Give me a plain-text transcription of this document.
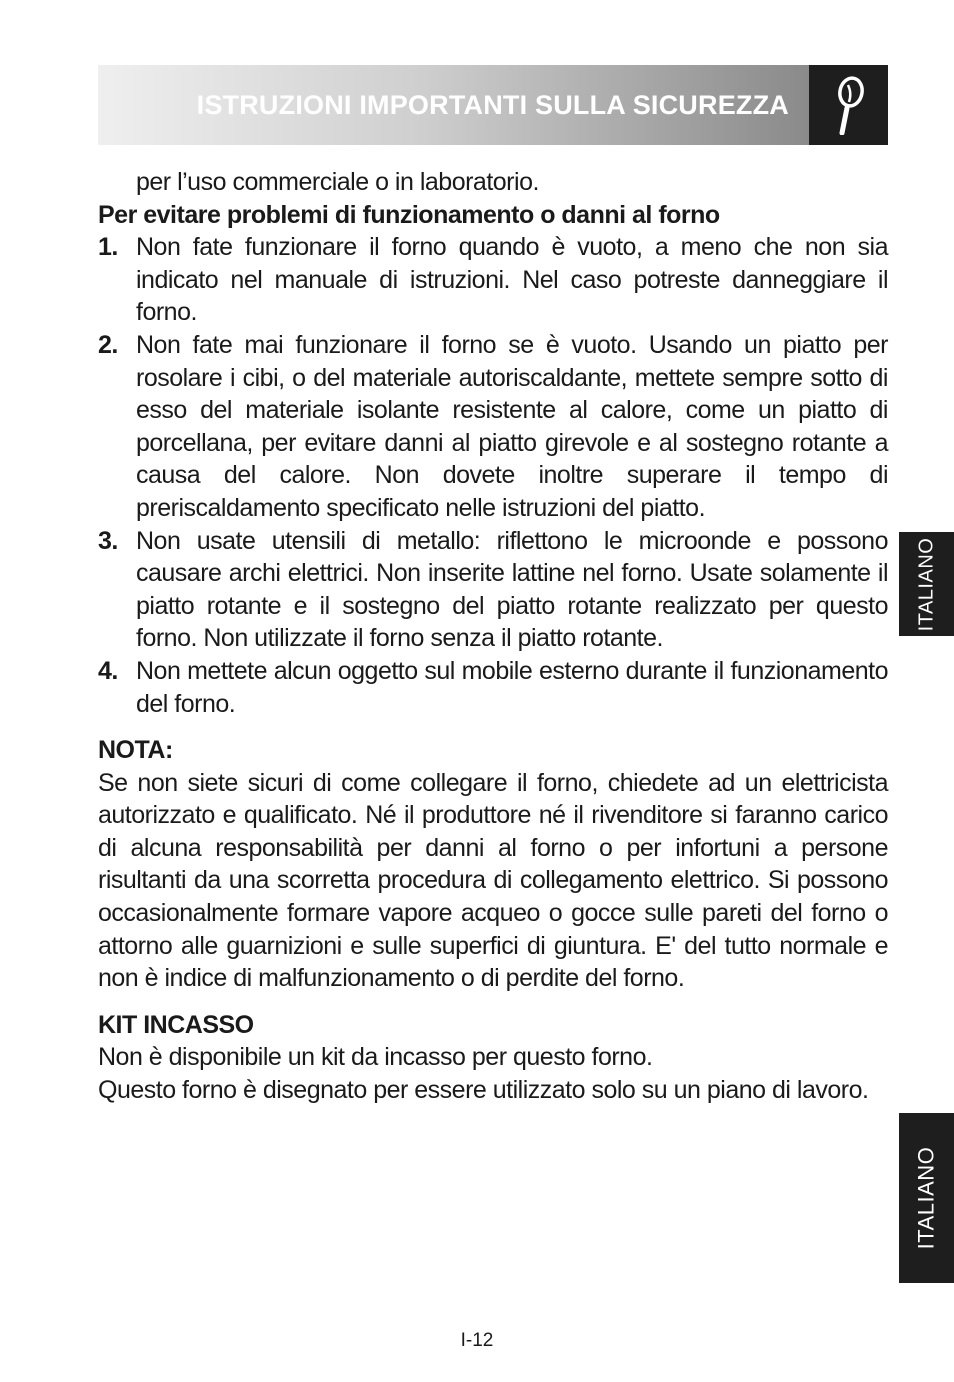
ISTRUZIONI IMPORTANTI SULLA SICUREZZA

per l’uso commerciale o in laboratorio.

Per evitare problemi di funzionamento o danni al forno

1. Non fate funzionare il forno quando è vuoto, a meno che non sia indicato nel manuale di istruzioni. Nel caso potreste danneggiare il forno.
2. Non fate mai funzionare il forno se è vuoto. Usando un piatto per rosolare i cibi, o del materiale autoriscaldante, mettete sempre sotto di esso del materiale isolante resistente al calore, come un piatto di porcellana, per evitare danni al piatto girevole e al sostegno rotante a causa del calore. Non dovete inoltre superare il tempo di preriscaldamento specificato nelle istruzioni del piatto.
3. Non usate utensili di metallo: riflettono le microonde e possono causare archi elettrici. Non inserite lattine nel forno. Usate solamente il piatto rotante e il sostegno del piatto rotante realizzato per questo forno. Non utilizzate il forno senza il piatto rotante.
4. Non mettete alcun oggetto sul mobile esterno durante il funzionamento del forno.

NOTA:

Se non siete sicuri di come collegare il forno, chiedete ad un elettricista autorizzato e qualificato. Né il produttore né il rivenditore si faranno carico di alcuna responsabilità per danni al forno o per infortuni a persone risultanti da una scorretta procedura di collegamento elettrico. Si possono occasionalmente formare vapore acqueo o gocce sulle pareti del forno o attorno alle guarnizioni e sulle superfici di giuntura. E' del tutto normale e non è indice di malfunzionamento o di perdite del forno.

KIT INCASSO

Non è disponibile un kit da incasso per questo forno.

Questo forno è disegnato per essere utilizzato solo su un piano di lavoro.

ITALIANO
ITALIANO
I-12
